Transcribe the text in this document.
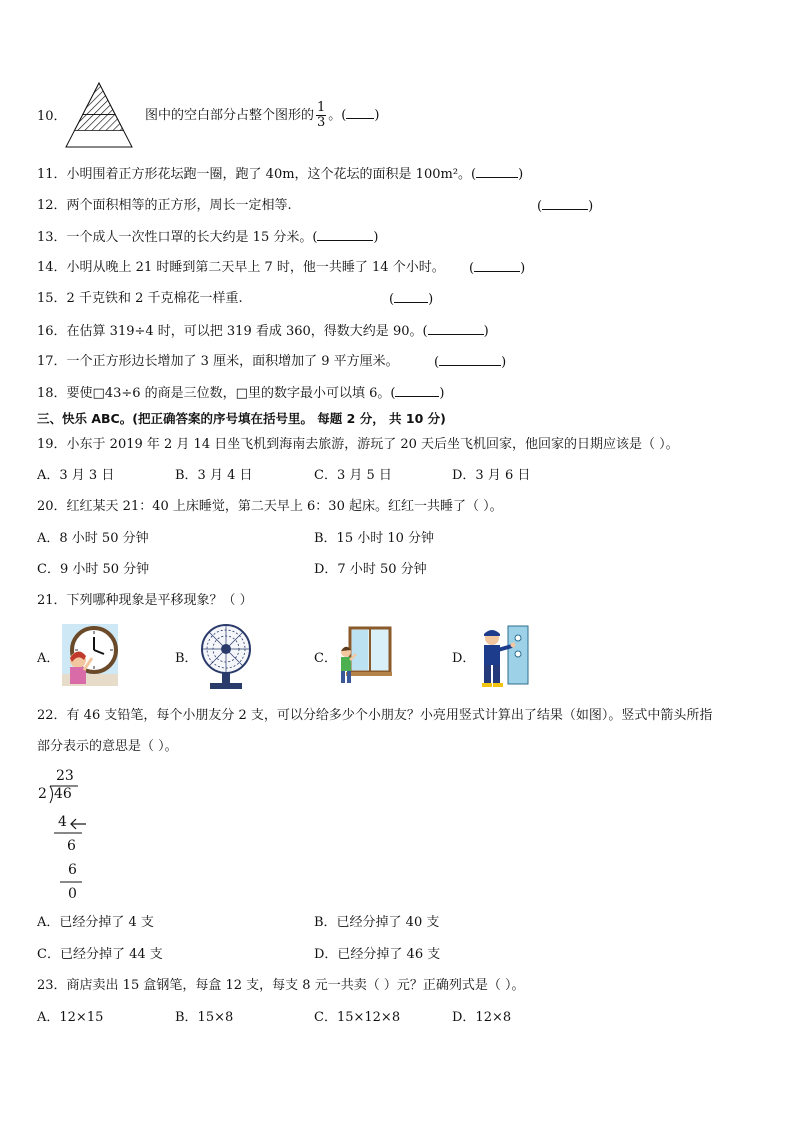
10．	图中的空白部分占整个图形的 $\frac{1}{3}$ 。( )
11．小明围着正方形花坛跑一圈，跑了 40m，这个花坛的面积是 100m²。(	)
12．两个面积相等的正方形，周长一定相等.	(	)
13．一个成人一次性口罩的长大约是 15 分米。(	)
14．小明从晚上 21 时睡到第二天早上 7 时，他一共睡了 14 个小时。 (	)
15．2 千克铁和 2 千克棉花一样重.	(	)
16．在估算 319÷4 时，可以把 319 看成 360，得数大约是 90。(	)
17．一个正方形边长增加了 3 厘米，面积增加了 9 平方厘米。	(	)
18．要使□43÷6 的商是三位数，□里的数字最小可以填 6。(	)
三、快乐 ABC。(把正确答案的序号填在括号里。 每题 2 分， 共 10 分)
19．小东于 2019 年 2 月 14 日坐飞机到海南去旅游，游玩了 20 天后坐飞机回家，他回家的日期应该是（ ）。
A．3 月 3 日	B．3 月 4 日	C．3 月 5 日	D．3 月 6 日
20．红红某天 21：40 上床睡觉，第二天早上 6：30 起床。红红一共睡了（ ）。
A．8 小时 50 分钟	B．15 小时 10 分钟
C．9 小时 50 分钟	D．7 小时 50 分钟
21．下列哪种现象是平移现象？（ ）
A．	B．	C．	D．
22．有 46 支铅笔，每个小朋友分 2 支，可以分给多少个小朋友？小亮用竖式计算出了结果（如图）。竖式中箭头所指
部分表示的意思是（ ）。
23
2 46
4
6
6
0
A．已经分掉了 4 支	B．已经分掉了 40 支
C．已经分掉了 44 支	D．已经分掉了 46 支
23．商店卖出 15 盒钢笔，每盒 12 支，每支 8 元一共卖（ ）元？正确列式是（ ）。
A．12×15	B．15×8	C．15×12×8	D．12×8
